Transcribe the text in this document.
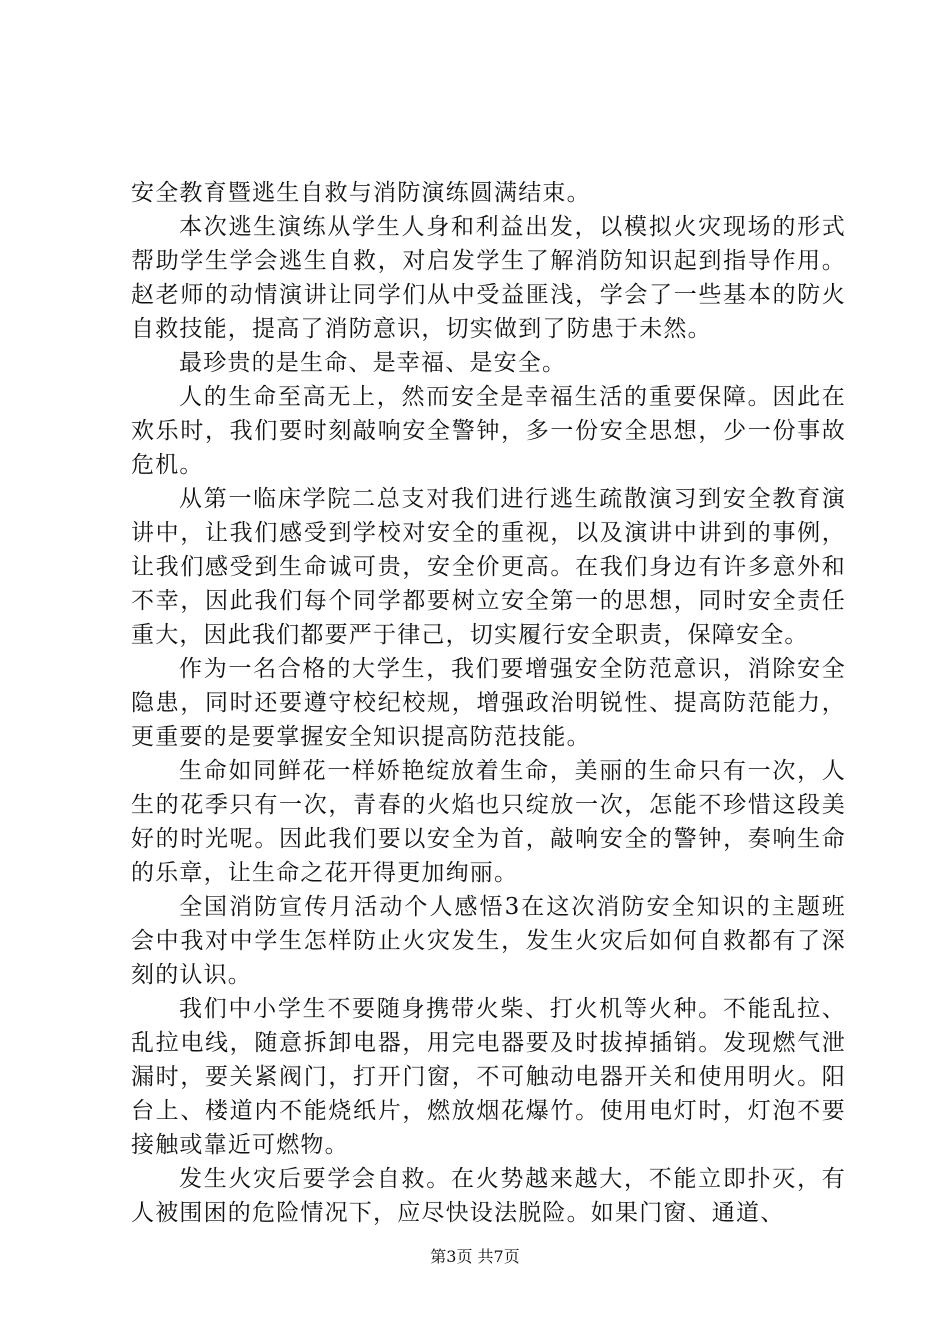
安全教育暨逃生自救与消防演练圆满结束。

本次逃生演练从学生人身和利益出发，以模拟火灾现场的形式帮助学生学会逃生自救，对启发学生了解消防知识起到指导作用。赵老师的动情演讲让同学们从中受益匪浅，学会了一些基本的防火自救技能，提高了消防意识，切实做到了防患于未然。

最珍贵的是生命、是幸福、是安全。

人的生命至高无上，然而安全是幸福生活的重要保障。因此在欢乐时，我们要时刻敲响安全警钟，多一份安全思想，少一份事故危机。

从第一临床学院二总支对我们进行逃生疏散演习到安全教育演讲中，让我们感受到学校对安全的重视，以及演讲中讲到的事例，让我们感受到生命诚可贵，安全价更高。在我们身边有许多意外和不幸，因此我们每个同学都要树立安全第一的思想，同时安全责任重大，因此我们都要严于律己，切实履行安全职责，保障安全。

作为一名合格的大学生，我们要增强安全防范意识，消除安全隐患，同时还要遵守校纪校规，增强政治明锐性、提高防范能力，更重要的是要掌握安全知识提高防范技能。

生命如同鲜花一样娇艳绽放着生命，美丽的生命只有一次，人生的花季只有一次，青春的火焰也只绽放一次，怎能不珍惜这段美好的时光呢。因此我们要以安全为首，敲响安全的警钟，奏响生命的乐章，让生命之花开得更加绚丽。

全国消防宣传月活动个人感悟3在这次消防安全知识的主题班会中我对中学生怎样防止火灾发生，发生火灾后如何自救都有了深刻的认识。

我们中小学生不要随身携带火柴、打火机等火种。不能乱拉、乱拉电线，随意拆卸电器，用完电器要及时拔掉插销。发现燃气泄漏时，要关紧阀门，打开门窗，不可触动电器开关和使用明火。阳台上、楼道内不能烧纸片，燃放烟花爆竹。使用电灯时，灯泡不要接触或靠近可燃物。

发生火灾后要学会自救。在火势越来越大，不能立即扑灭，有人被围困的危险情况下，应尽快设法脱险。如果门窗、通道、

第3页 共7页
